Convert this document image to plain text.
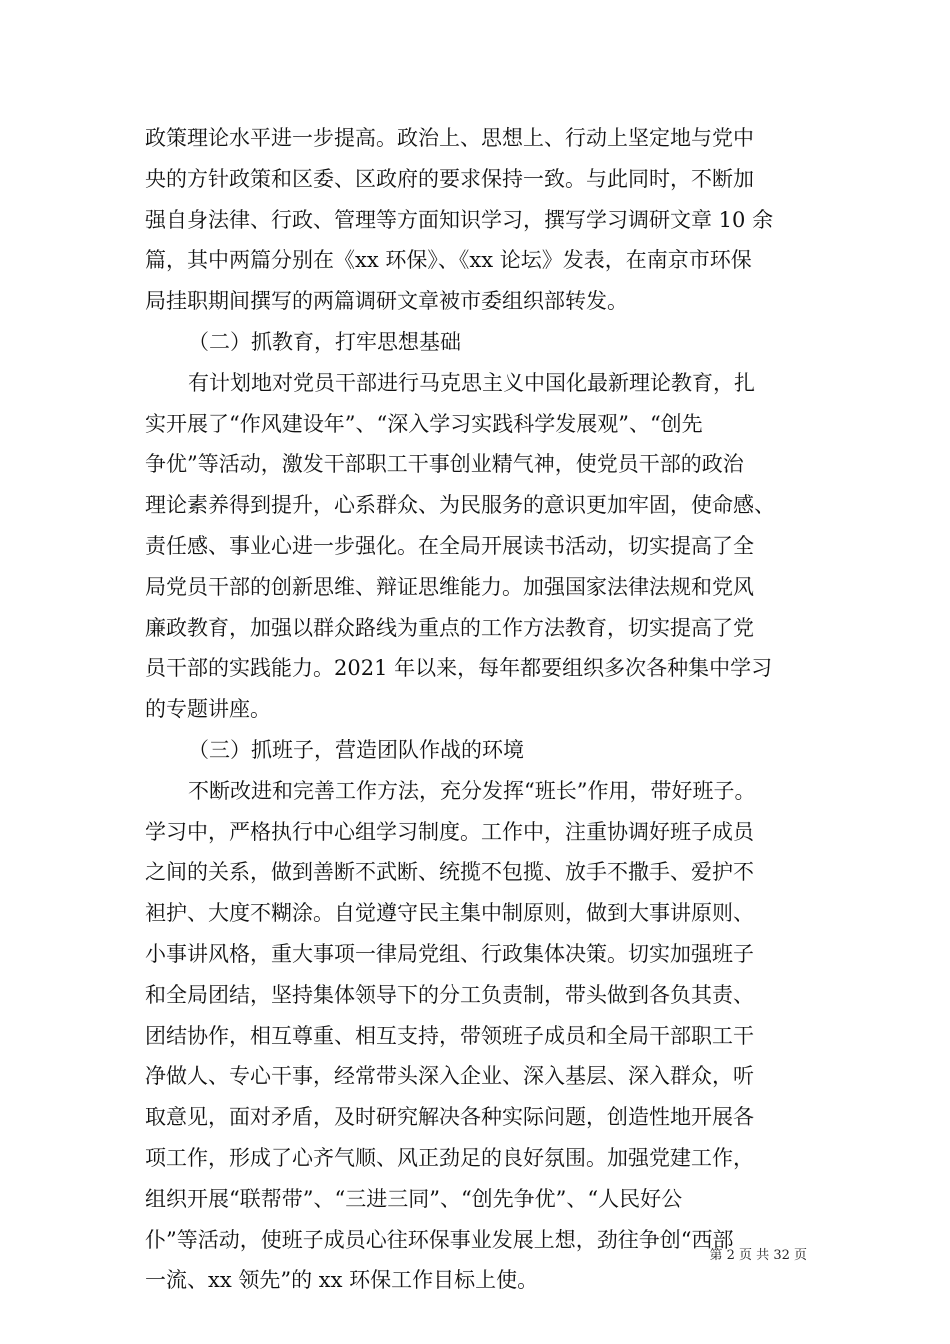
政策理论水平进一步提高。政治上、思想上、行动上坚定地与党中
央的方针政策和区委、区政府的要求保持一致。与此同时，不断加
强自身法律、行政、管理等方面知识学习，撰写学习调研文章 10 余
篇，其中两篇分别在《xx 环保》、《xx 论坛》发表，在南京市环保
局挂职期间撰写的两篇调研文章被市委组织部转发。
（二）抓教育，打牢思想基础
有计划地对党员干部进行马克思主义中国化最新理论教育，扎
实开展了“作风建设年”、“深入学习实践科学发展观”、“创先
争优”等活动，激发干部职工干事创业精气神，使党员干部的政治
理论素养得到提升，心系群众、为民服务的意识更加牢固，使命感、
责任感、事业心进一步强化。在全局开展读书活动，切实提高了全
局党员干部的创新思维、辩证思维能力。加强国家法律法规和党风
廉政教育，加强以群众路线为重点的工作方法教育，切实提高了党
员干部的实践能力。2021 年以来，每年都要组织多次各种集中学习
的专题讲座。
（三）抓班子，营造团队作战的环境
不断改进和完善工作方法，充分发挥“班长”作用，带好班子。
学习中，严格执行中心组学习制度。工作中，注重协调好班子成员
之间的关系，做到善断不武断、统揽不包揽、放手不撒手、爱护不
袒护、大度不糊涂。自觉遵守民主集中制原则，做到大事讲原则、
小事讲风格，重大事项一律局党组、行政集体决策。切实加强班子
和全局团结，坚持集体领导下的分工负责制，带头做到各负其责、
团结协作，相互尊重、相互支持，带领班子成员和全局干部职工干
净做人、专心干事，经常带头深入企业、深入基层、深入群众，听
取意见，面对矛盾，及时研究解决各种实际问题，创造性地开展各
项工作，形成了心齐气顺、风正劲足的良好氛围。加强党建工作，
组织开展“联帮带”、“三进三同”、“创先争优”、“人民好公
仆”等活动，使班子成员心往环保事业发展上想，劲往争创“西部
一流、xx 领先”的 xx 环保工作目标上使。
第 2 页 共 32 页
